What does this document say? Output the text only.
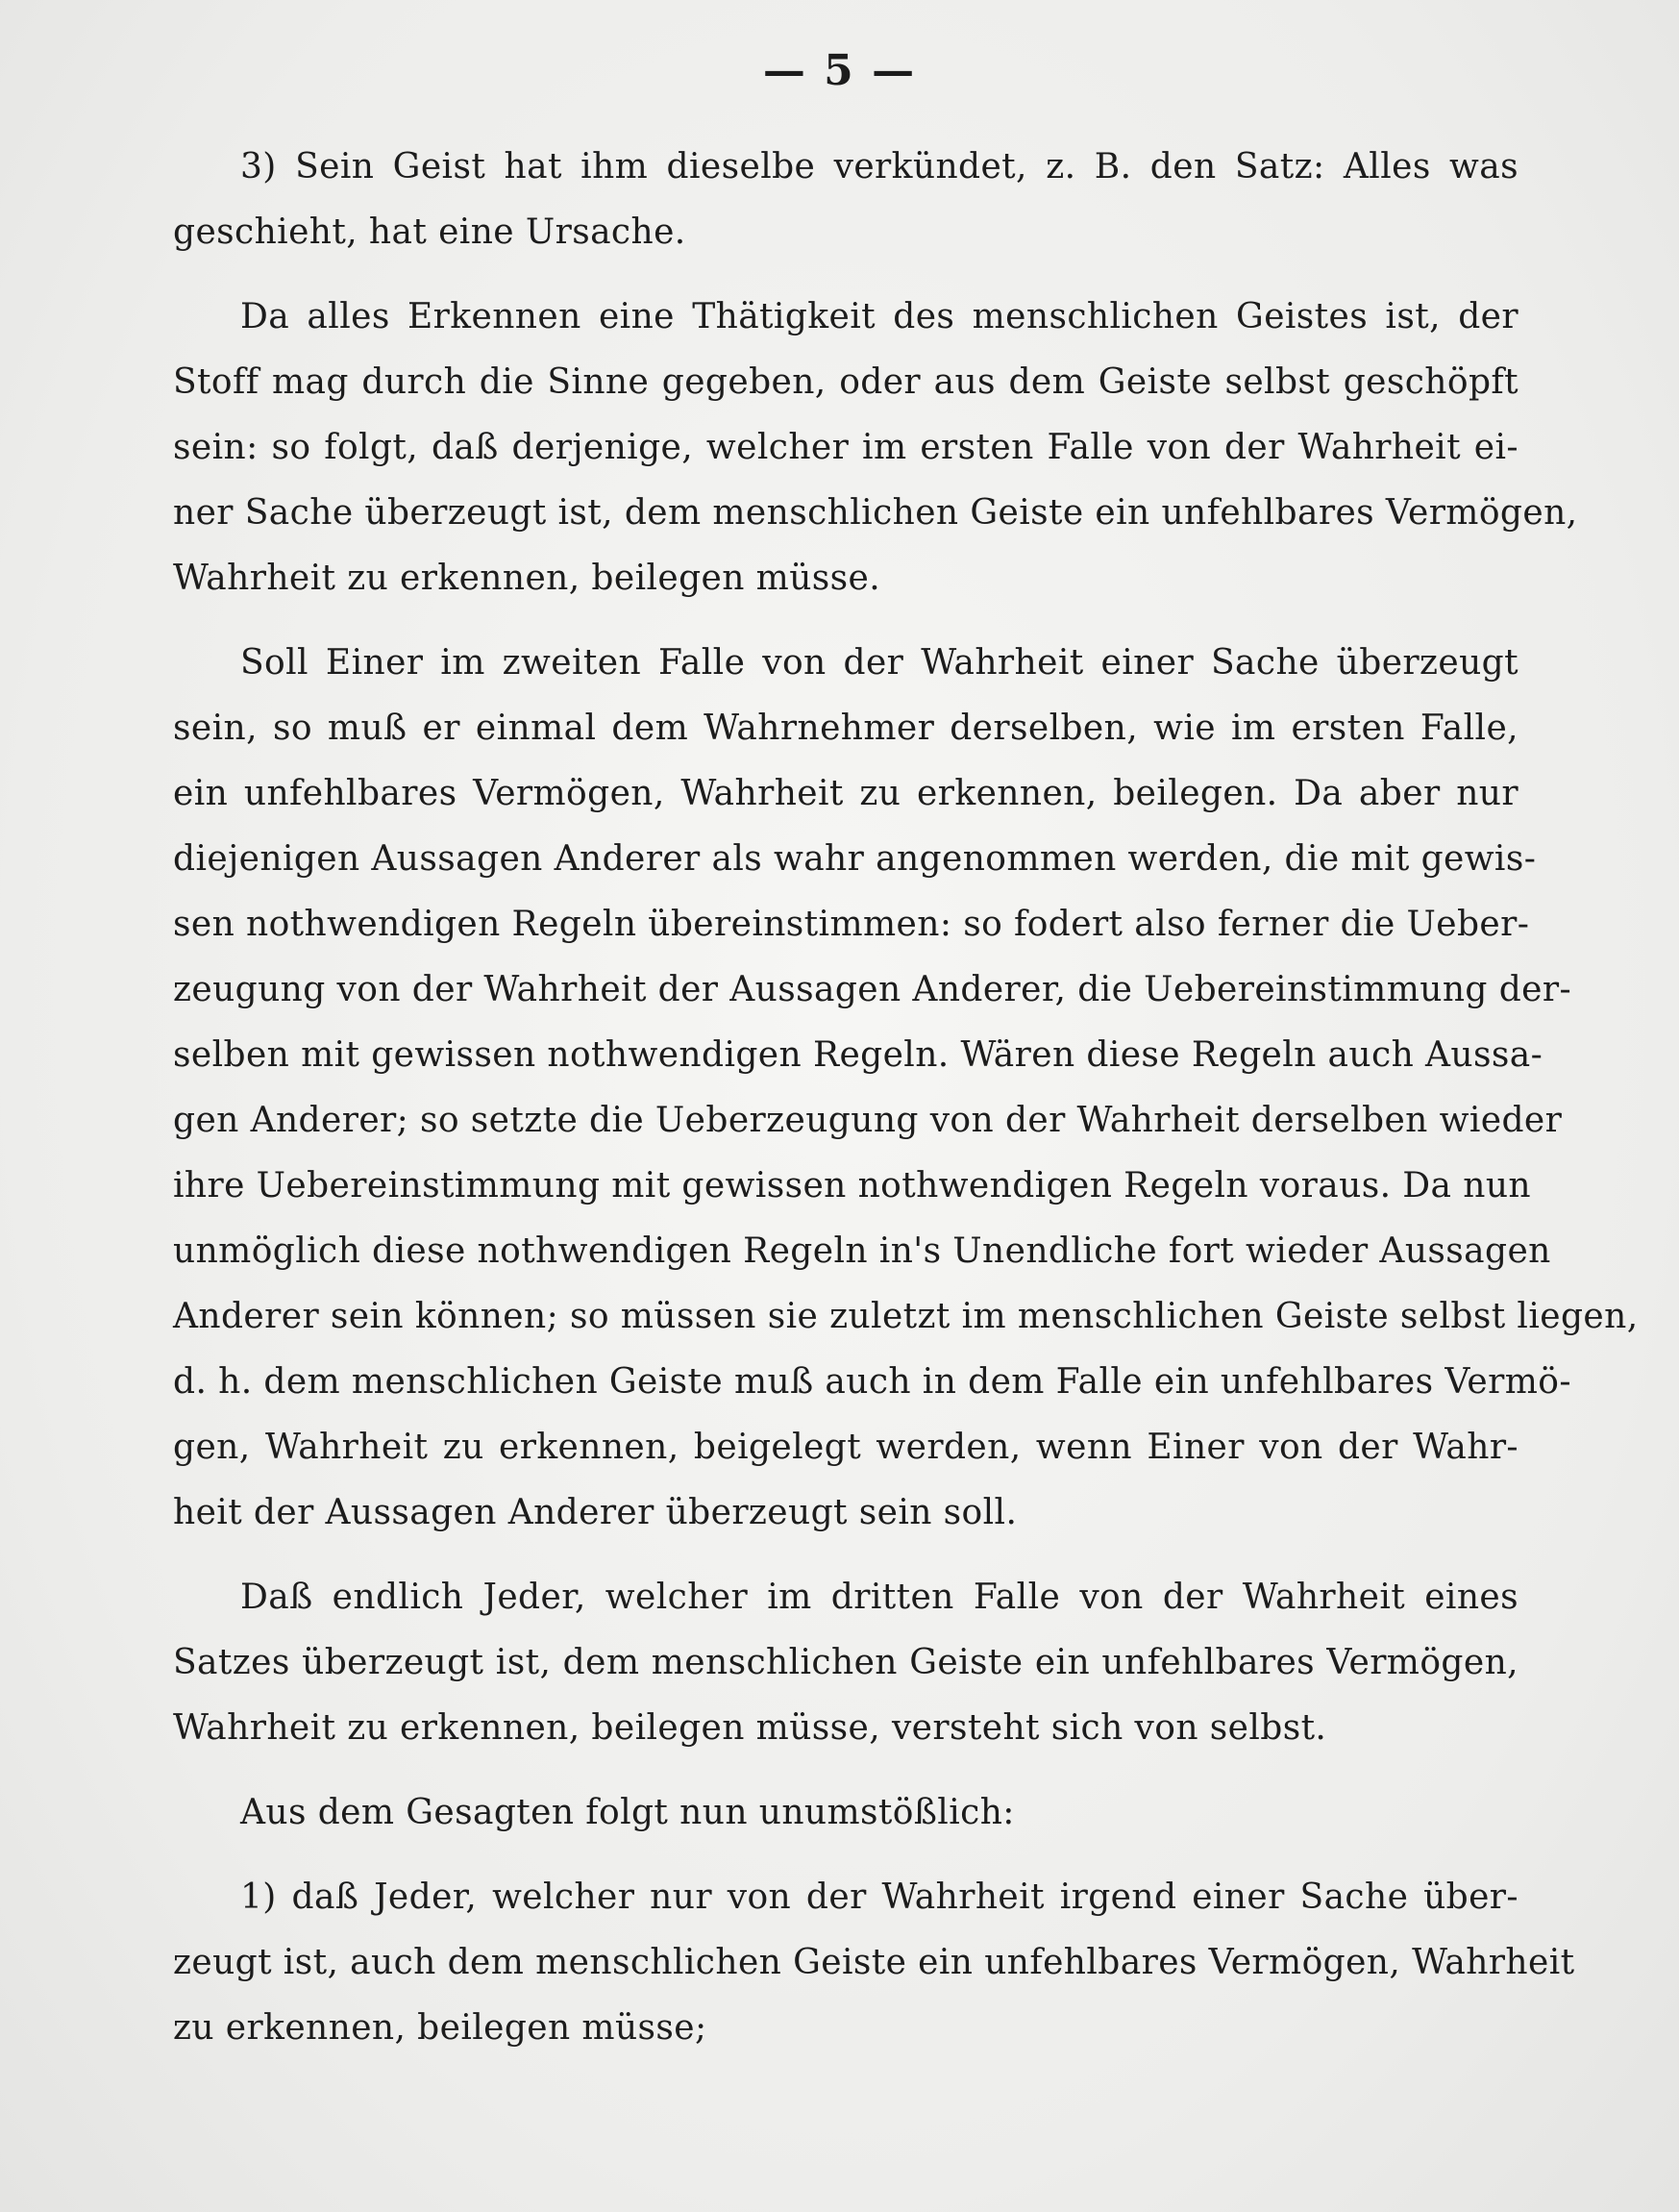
— 5 —
3) Sein Geist hat ihm dieselbe verkündet, z. B. den Satz: Alles was
geschieht, hat eine Ursache.
Da alles Erkennen eine Thätigkeit des menschlichen Geistes ist, der
Stoff mag durch die Sinne gegeben, oder aus dem Geiste selbst geschöpft
sein: so folgt, daß derjenige, welcher im ersten Falle von der Wahrheit ei-
ner Sache überzeugt ist, dem menschlichen Geiste ein unfehlbares Vermögen,
Wahrheit zu erkennen, beilegen müsse.
Soll Einer im zweiten Falle von der Wahrheit einer Sache überzeugt
sein, so muß er einmal dem Wahrnehmer derselben, wie im ersten Falle,
ein unfehlbares Vermögen, Wahrheit zu erkennen, beilegen. Da aber nur
diejenigen Aussagen Anderer als wahr angenommen werden, die mit gewis-
sen nothwendigen Regeln übereinstimmen: so fodert also ferner die Ueber-
zeugung von der Wahrheit der Aussagen Anderer, die Uebereinstimmung der-
selben mit gewissen nothwendigen Regeln. Wären diese Regeln auch Aussa-
gen Anderer; so setzte die Ueberzeugung von der Wahrheit derselben wieder
ihre Uebereinstimmung mit gewissen nothwendigen Regeln voraus. Da nun
unmöglich diese nothwendigen Regeln in's Unendliche fort wieder Aussagen
Anderer sein können; so müssen sie zuletzt im menschlichen Geiste selbst liegen,
d. h. dem menschlichen Geiste muß auch in dem Falle ein unfehlbares Vermö-
gen, Wahrheit zu erkennen, beigelegt werden, wenn Einer von der Wahr-
heit der Aussagen Anderer überzeugt sein soll.
Daß endlich Jeder, welcher im dritten Falle von der Wahrheit eines
Satzes überzeugt ist, dem menschlichen Geiste ein unfehlbares Vermögen,
Wahrheit zu erkennen, beilegen müsse, versteht sich von selbst.
Aus dem Gesagten folgt nun unumstößlich:
1) daß Jeder, welcher nur von der Wahrheit irgend einer Sache über-
zeugt ist, auch dem menschlichen Geiste ein unfehlbares Vermögen, Wahrheit
zu erkennen, beilegen müsse;
